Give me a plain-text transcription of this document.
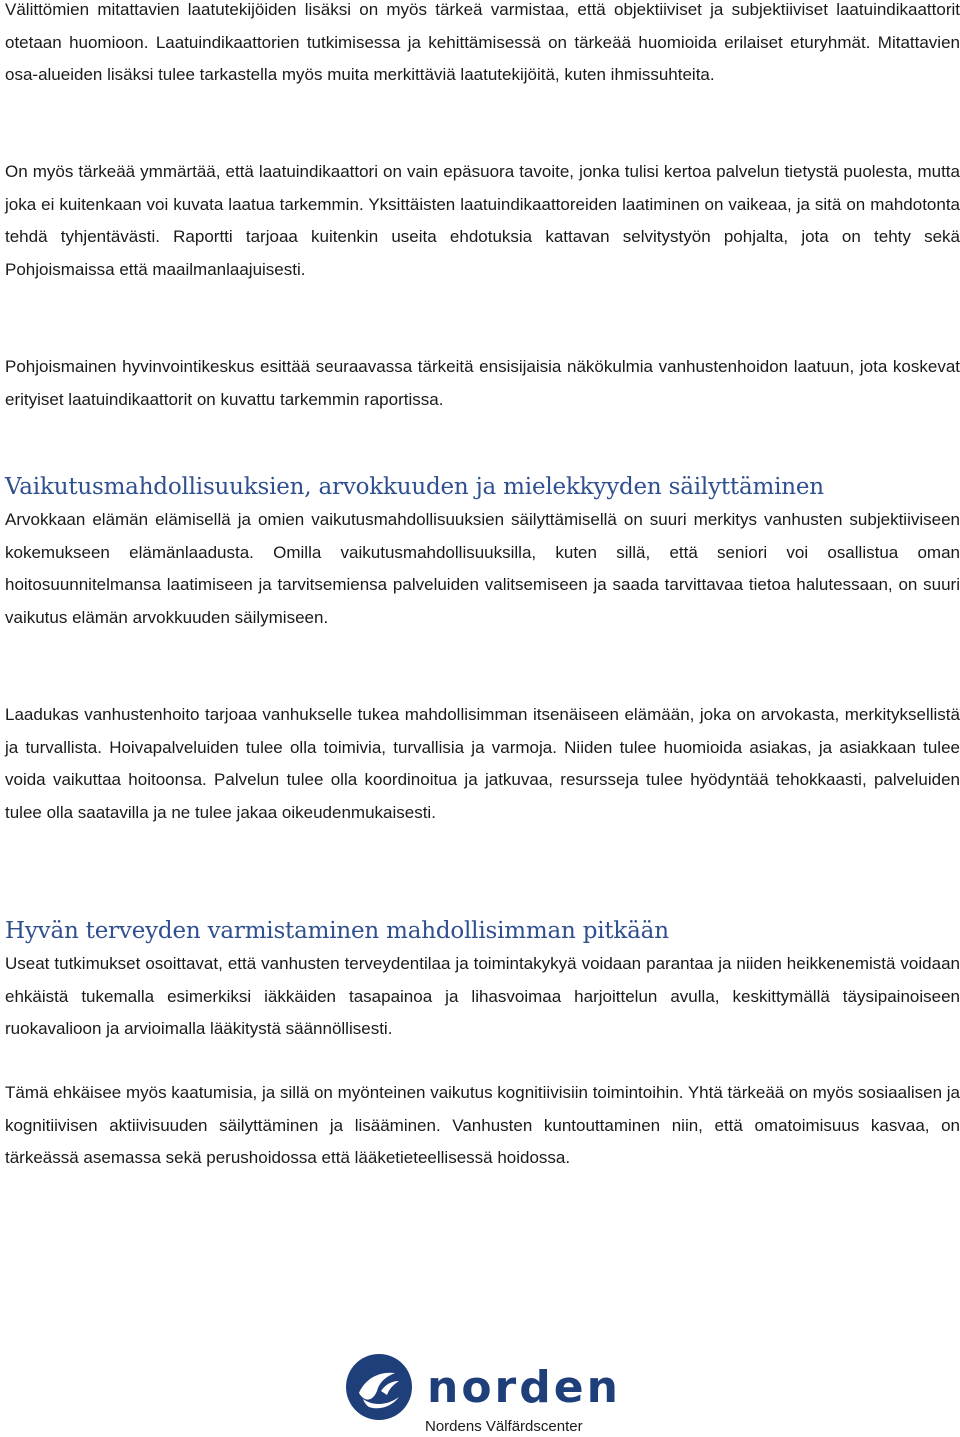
Välittömien mitattavien laatutekijöiden lisäksi on myös tärkeä varmistaa, että objektiiviset ja subjektiiviset laatuindikaattorit otetaan huomioon. Laatuindikaattorien tutkimisessa ja kehittämisessä on tärkeää huomioida erilaiset eturyhmät. Mitattavien osa-alueiden lisäksi tulee tarkastella myös muita merkittäviä laatutekijöitä, kuten ihmissuhteita.

On myös tärkeää ymmärtää, että laatuindikaattori on vain epäsuora tavoite, jonka tulisi kertoa palvelun tietystä puolesta, mutta joka ei kuitenkaan voi kuvata laatua tarkemmin. Yksittäisten laatuindikaattoreiden laatiminen on vaikeaa, ja sitä on mahdotonta tehdä tyhjentävästi. Raportti tarjoaa kuitenkin useita ehdotuksia kattavan selvitystyön pohjalta, jota on tehty sekä Pohjoismaissa että maailmanlaajuisesti.

Pohjoismainen hyvinvointikeskus esittää seuraavassa tärkeitä ensisijaisia näkökulmia vanhustenhoidon laatuun, jota koskevat erityiset laatuindikaattorit on kuvattu tarkemmin raportissa.

Vaikutusmahdollisuuksien, arvokkuuden ja mielekkyyden säilyttäminen

Arvokkaan elämän elämisellä ja omien vaikutusmahdollisuuksien säilyttämisellä on suuri merkitys vanhusten subjektiiviseen kokemukseen elämänlaadusta. Omilla vaikutusmahdollisuuksilla, kuten sillä, että seniori voi osallistua oman hoitosuunnitelmansa laatimiseen ja tarvitsemiensa palveluiden valitsemiseen ja saada tarvittavaa tietoa halutessaan, on suuri vaikutus elämän arvokkuuden säilymiseen.

Laadukas vanhustenhoito tarjoaa vanhukselle tukea mahdollisimman itsenäiseen elämään, joka on arvokasta, merkityksellistä ja turvallista. Hoivapalveluiden tulee olla toimivia, turvallisia ja varmoja. Niiden tulee huomioida asiakas, ja asiakkaan tulee voida vaikuttaa hoitoonsa. Palvelun tulee olla koordinoitua ja jatkuvaa, resursseja tulee hyödyntää tehokkaasti, palveluiden tulee olla saatavilla ja ne tulee jakaa oikeudenmukaisesti.

Hyvän terveyden varmistaminen mahdollisimman pitkään

Useat tutkimukset osoittavat, että vanhusten terveydentilaa ja toimintakykyä voidaan parantaa ja niiden heikkenemistä voidaan ehkäistä tukemalla esimerkiksi iäkkäiden tasapainoa ja lihasvoimaa harjoittelun avulla, keskittymällä täysipainoiseen ruokavalioon ja arvioimalla lääkitystä säännöllisesti.

Tämä ehkäisee myös kaatumisia, ja sillä on myönteinen vaikutus kognitiivisiin toimintoihin. Yhtä tärkeää on myös sosiaalisen ja kognitiivisen aktiivisuuden säilyttäminen ja lisääminen. Vanhusten kuntouttaminen niin, että omatoimisuus kasvaa, on tärkeässä asemassa sekä perushoidossa että lääketieteellisessä hoidossa.

norden
Nordens Välfärdscenter
